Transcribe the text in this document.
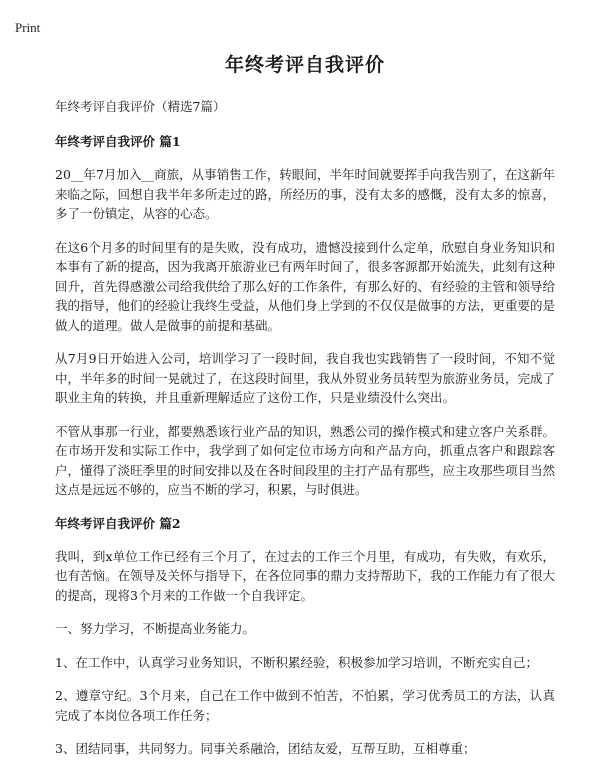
Print
年终考评自我评价

年终考评自我评价（精选7篇）

年终考评自我评价 篇1

20__年7月加入__商旅，从事销售工作，转眼间，半年时间就要挥手向我告别了，在这新年来临之际，回想自我半年多所走过的路，所经历的事，没有太多的感慨，没有太多的惊喜，多了一份镇定，从容的心态。

在这6个月多的时间里有的是失败，没有成功，遗憾没接到什么定单，欣慰自身业务知识和本事有了新的提高，因为我离开旅游业已有两年时间了，很多客源都开始流失，此刻有这种回升，首先得感激公司给我供给了那么好的工作条件，有那么好的、有经验的主管和领导给我的指导，他们的经验让我终生受益，从他们身上学到的不仅仅是做事的方法，更重要的是做人的道理。做人是做事的前提和基础。

从7月9日开始进入公司，培训学习了一段时间，我自我也实践销售了一段时间，不知不觉中，半年多的时间一晃就过了，在这段时间里，我从外贸业务员转型为旅游业务员，完成了职业主角的转换，并且重新理解适应了这份工作，只是业绩没什么突出。

不管从事那一行业，都要熟悉该行业产品的知识，熟悉公司的操作模式和建立客户关系群。在市场开发和实际工作中，我学到了如何定位市场方向和产品方向，抓重点客户和跟踪客户，懂得了淡旺季里的时间安排以及在各时间段里的主打产品有那些，应主攻那些项目当然这点是远远不够的，应当不断的学习，积累，与时俱进。

年终考评自我评价 篇2

我叫，到x单位工作已经有三个月了，在过去的工作三个月里，有成功，有失败，有欢乐，也有苦恼。在领导及关怀与指导下，在各位同事的鼎力支持帮助下，我的工作能力有了很大的提高，现将3个月来的工作做一个自我评定。

一、努力学习，不断提高业务能力。

1、在工作中，认真学习业务知识，不断积累经验，积极参加学习培训，不断充实自己；

2、遵章守纪。3个月来，自己在工作中做到不怕苦，不怕累，学习优秀员工的方法，认真完成了本岗位各项工作任务；

3、团结同事，共同努力。同事关系融洽，团结友爱，互帮互助，互相尊重；
